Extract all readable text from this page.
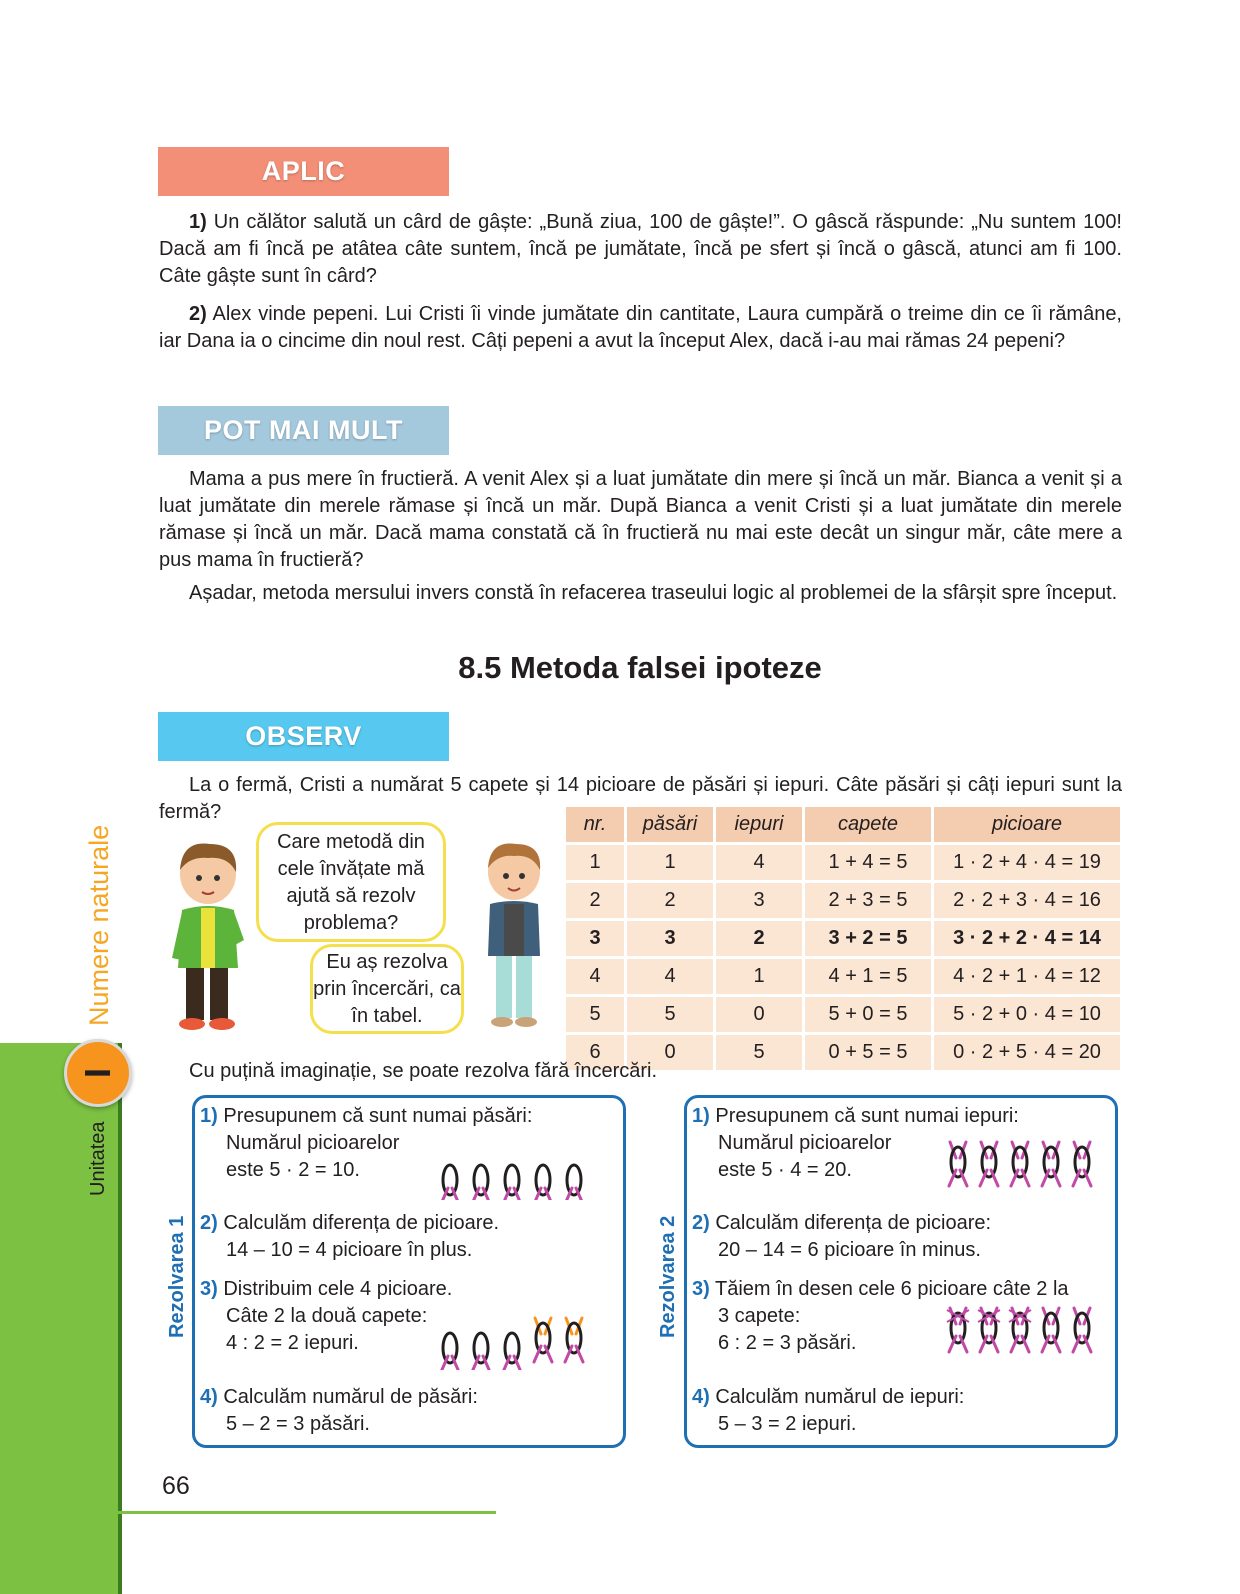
APLIC

1) Un călător salută un cârd de gâște: „Bună ziua, 100 de gâște!”. O gâscă răspunde: „Nu suntem 100! Dacă am fi încă pe atâtea câte suntem, încă pe jumătate, încă pe sfert și încă o gâscă, atunci am fi 100. Câte gâște sunt în cârd?

2) Alex vinde pepeni. Lui Cristi îi vinde jumătate din cantitate, Laura cumpără o treime din ce îi rămâne, iar Dana ia o cincime din noul rest. Câți pepeni a avut la început Alex, dacă i-au mai rămas 24 pepeni?

POT MAI MULT

Mama a pus mere în fructieră. A venit Alex și a luat jumătate din mere și încă un măr. Bianca a venit și a luat jumătate din merele rămase și încă un măr. După Bianca a venit Cristi și a luat jumătate din merele rămase și încă un măr. Dacă mama constată că în fructieră nu mai este decât un singur măr, câte mere a pus mama în fructieră?

Așadar, metoda mersului invers constă în refacerea traseului logic al problemei de la sfârșit spre început.

8.5 Metoda falsei ipoteze
OBSERV

La o fermă, Cristi a numărat 5 capete și 14 picioare de păsări și iepuri. Câte păsări și câți iepuri sunt la fermă?

Care metodă din cele învățate mă ajută să rezolv problema?
Eu aș rezolva prin încercări, ca în tabel.
nr.	păsări	iepuri	capete	picioare
1	1	4	1 + 4 = 5	1 · 2 + 4 · 4 = 19
2	2	3	2 + 3 = 5	2 · 2 + 3 · 4 = 16
3	3	2	3 + 2 = 5	3 · 2 + 2 · 4 = 14
4	4	1	4 + 1 = 5	4 · 2 + 1 · 4 = 12
5	5	0	5 + 0 = 5	5 · 2 + 0 · 4 = 10
6	0	5	0 + 5 = 5	0 · 2 + 5 · 4 = 20

Cu puțină imaginație, se poate rezolva fără încercări.

Rezolvarea 1
1) Presupunem că sunt numai păsări:
Numărul picioarelor
este 5 · 2 = 10.
2) Calculăm diferența de picioare.
14 – 10 = 4 picioare în plus.
3) Distribuim cele 4 picioare.
Câte 2 la două capete:
4 : 2 = 2 iepuri.
4) Calculăm numărul de păsări:
5 – 2 = 3 păsări.
Rezolvarea 2
1) Presupunem că sunt numai iepuri:
Numărul picioarelor
este 5 · 4 = 20.
2) Calculăm diferența de picioare:
20 – 14 = 6 picioare în minus.
3) Tăiem în desen cele 6 picioare câte 2 la
3 capete:
6 : 2 = 3 păsări.
4) Calculăm numărul de iepuri:
5 – 3 = 2 iepuri.
Unitatea
Numere naturale
I
66
